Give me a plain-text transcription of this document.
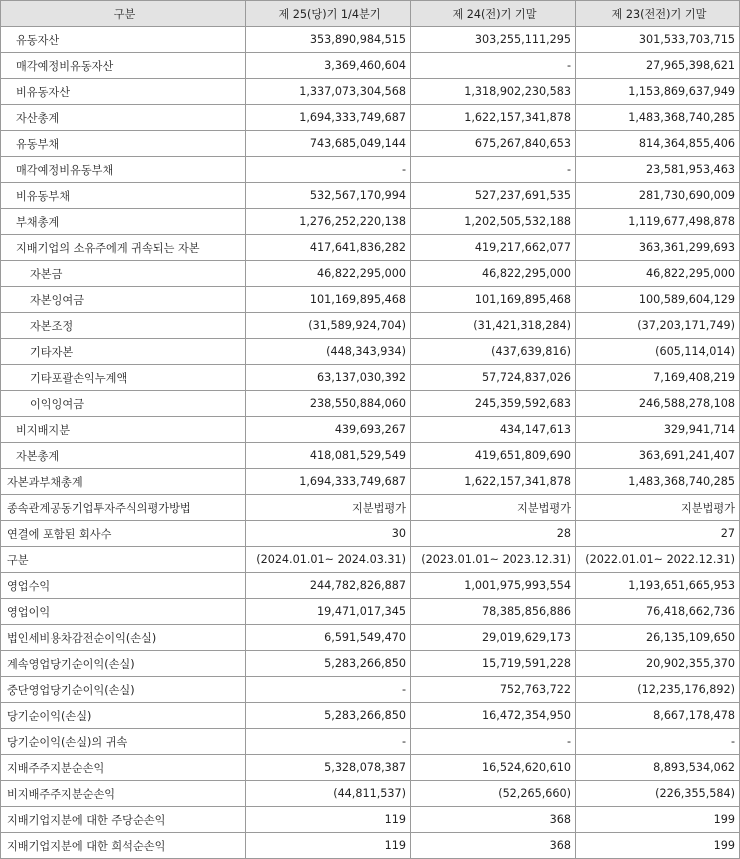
구분	제 25(당)기 1/4분기	제 24(전)기 기말	제 23(전전)기 기말
유동자산	353,890,984,515	303,255,111,295	301,533,703,715
매각예정비유동자산	3,369,460,604	-	27,965,398,621
비유동자산	1,337,073,304,568	1,318,902,230,583	1,153,869,637,949
자산총계	1,694,333,749,687	1,622,157,341,878	1,483,368,740,285
유동부채	743,685,049,144	675,267,840,653	814,364,855,406
매각예정비유동부채	-	-	23,581,953,463
비유동부채	532,567,170,994	527,237,691,535	281,730,690,009
부채총계	1,276,252,220,138	1,202,505,532,188	1,119,677,498,878
지배기업의 소유주에게 귀속되는 자본	417,641,836,282	419,217,662,077	363,361,299,693
자본금	46,822,295,000	46,822,295,000	46,822,295,000
자본잉여금	101,169,895,468	101,169,895,468	100,589,604,129
자본조정	(31,589,924,704)	(31,421,318,284)	(37,203,171,749)
기타자본	(448,343,934)	(437,639,816)	(605,114,014)
기타포괄손익누계액	63,137,030,392	57,724,837,026	7,169,408,219
이익잉여금	238,550,884,060	245,359,592,683	246,588,278,108
비지배지분	439,693,267	434,147,613	329,941,714
자본총계	418,081,529,549	419,651,809,690	363,691,241,407
자본과부채총계	1,694,333,749,687	1,622,157,341,878	1,483,368,740,285
종속관계공동기업투자주식의평가방법	지분법평가	지분법평가	지분법평가
연결에 포함된 회사수	30	28	27
구분	(2024.01.01~ 2024.03.31)	(2023.01.01~ 2023.12.31)	(2022.01.01~ 2022.12.31)
영업수익	244,782,826,887	1,001,975,993,554	1,193,651,665,953
영업이익	19,471,017,345	78,385,856,886	76,418,662,736
법인세비용차감전순이익(손실)	6,591,549,470	29,019,629,173	26,135,109,650
계속영업당기순이익(손실)	5,283,266,850	15,719,591,228	20,902,355,370
중단영업당기순이익(손실)	-	752,763,722	(12,235,176,892)
당기순이익(손실)	5,283,266,850	16,472,354,950	8,667,178,478
당기순이익(손실)의 귀속	-	-	-
지배주주지분순손익	5,328,078,387	16,524,620,610	8,893,534,062
비지배주주지분순손익	(44,811,537)	(52,265,660)	(226,355,584)
지배기업지분에 대한 주당순손익	119	368	199
지배기업지분에 대한 희석순손익	119	368	199
